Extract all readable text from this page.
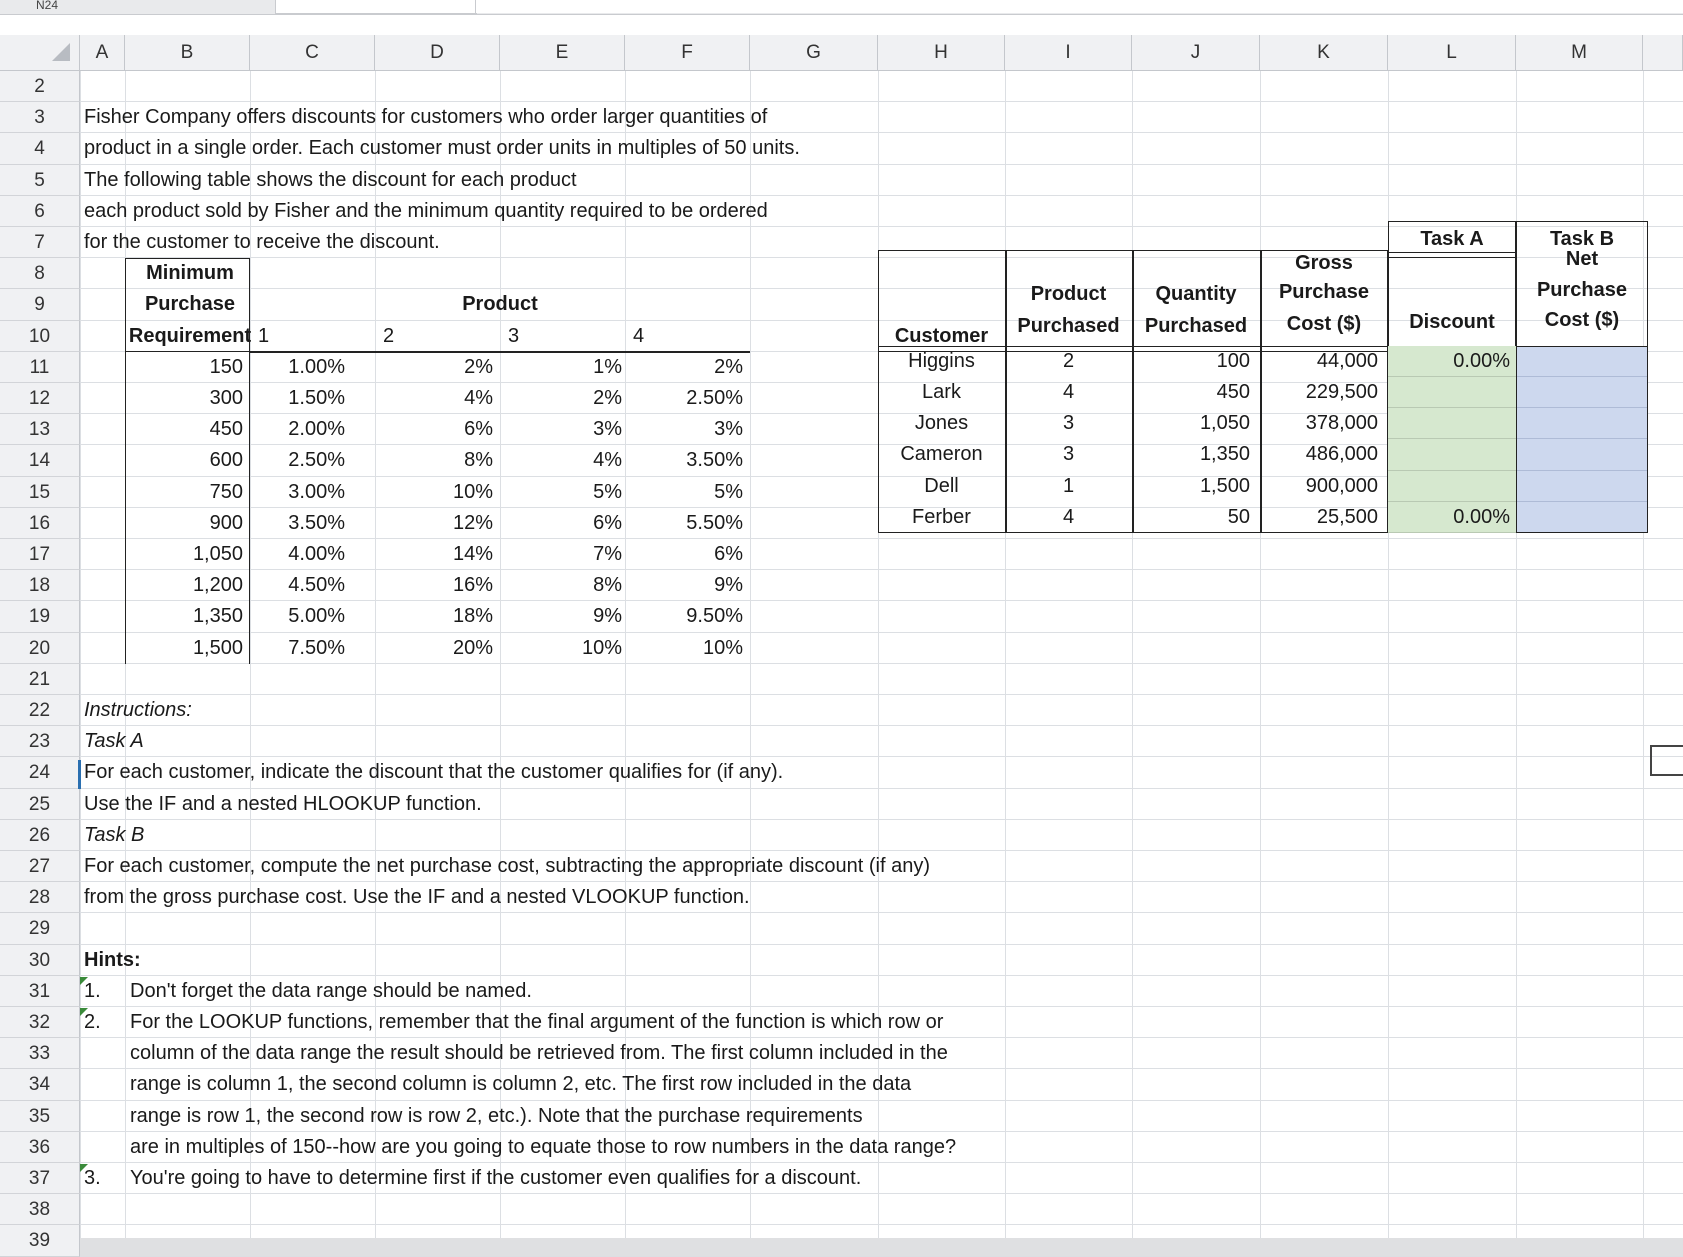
N24
A	B	C	D	E	F	G	H	I	J	K	L	M
2
3
4
5
6
7
8
9
10
11
12
13
14
15
16
17
18
19
20
21
22
23
24
25
26
27
28
29
30
31
32
33
34
35
36
37
38
39
Fisher Company offers discounts for customers who order larger quantities of
product in a single order. Each customer must order units in multiples of 50 units.
The following table shows the discount for each product
each product sold by Fisher and the minimum quantity required to be ordered
for the customer to receive the discount.
Minimum
Purchase
Requirement
Product
1	2	3	4
150	1.00%	2%	1%	2%
300	1.50%	4%	2%	2.50%
450	2.00%	6%	3%	3%
600	2.50%	8%	4%	3.50%
750	3.00%	10%	5%	5%
900	3.50%	12%	6%	5.50%
1,050	4.00%	14%	7%	6%
1,200	4.50%	16%	8%	9%
1,350	5.00%	18%	9%	9.50%
1,500	7.50%	20%	10%	10%
Task A	Task B
Customer
Product
Purchased
Quantity
Purchased
Gross
Purchase
Cost ($)	Discount
Net
Purchase
Cost ($)
Higgins	2	100	44,000	0.00%
Lark	4	450	229,500
Jones	3	1,050	378,000
Cameron	3	1,350	486,000
Dell	1	1,500	900,000
Ferber	4	50	25,500	0.00%
Instructions:
Task A
For each customer, indicate the discount that the customer qualifies for (if any).
Use the IF and a nested HLOOKUP function.
Task B
For each customer, compute the net purchase cost, subtracting the appropriate discount (if any)
from the gross purchase cost. Use the IF and a nested VLOOKUP function.
Hints:
1. Don't forget the data range should be named.
2. For the LOOKUP functions, remember that the final argument of the function is which row or
column of the data range the result should be retrieved from. The first column included in the
range is column 1, the second column is column 2, etc. The first row included in the data
range is row 1, the second row is row 2, etc.). Note that the purchase requirements
are in multiples of 150--how are you going to equate those to row numbers in the data range?
3. You're going to have to determine first if the customer even qualifies for a discount.
